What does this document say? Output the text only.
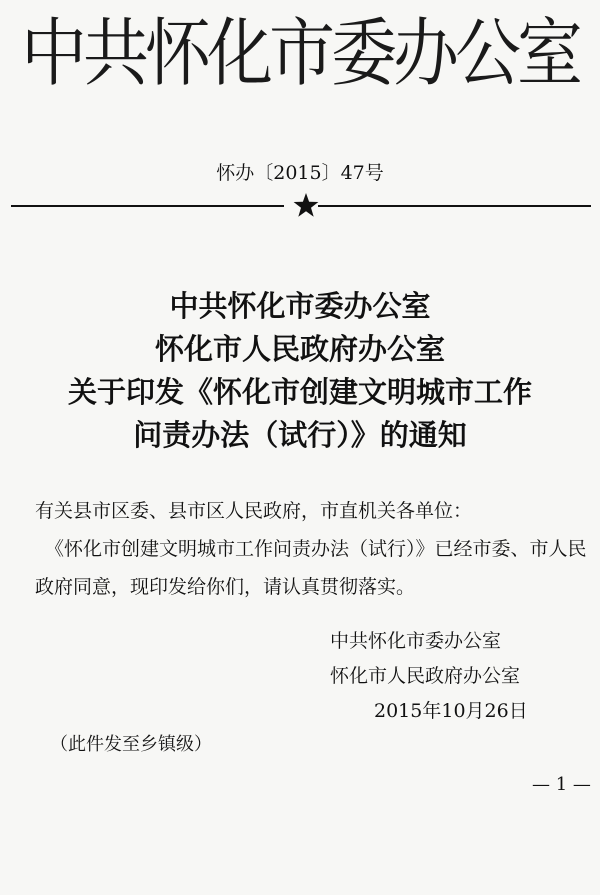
中共怀化市委办公室
怀办〔2015〕47号
中共怀化市委办公室
怀化市人民政府办公室
关于印发《怀化市创建文明城市工作
问责办法（试行）》的通知
有关县市区委、县市区人民政府，市直机关各单位：
《怀化市创建文明城市工作问责办法（试行）》已经市委、市人民政府同意，现印发给你们，请认真贯彻落实。
中共怀化市委办公室
怀化市人民政府办公室
2015年10月26日
（此件发至乡镇级）
— 1 —
